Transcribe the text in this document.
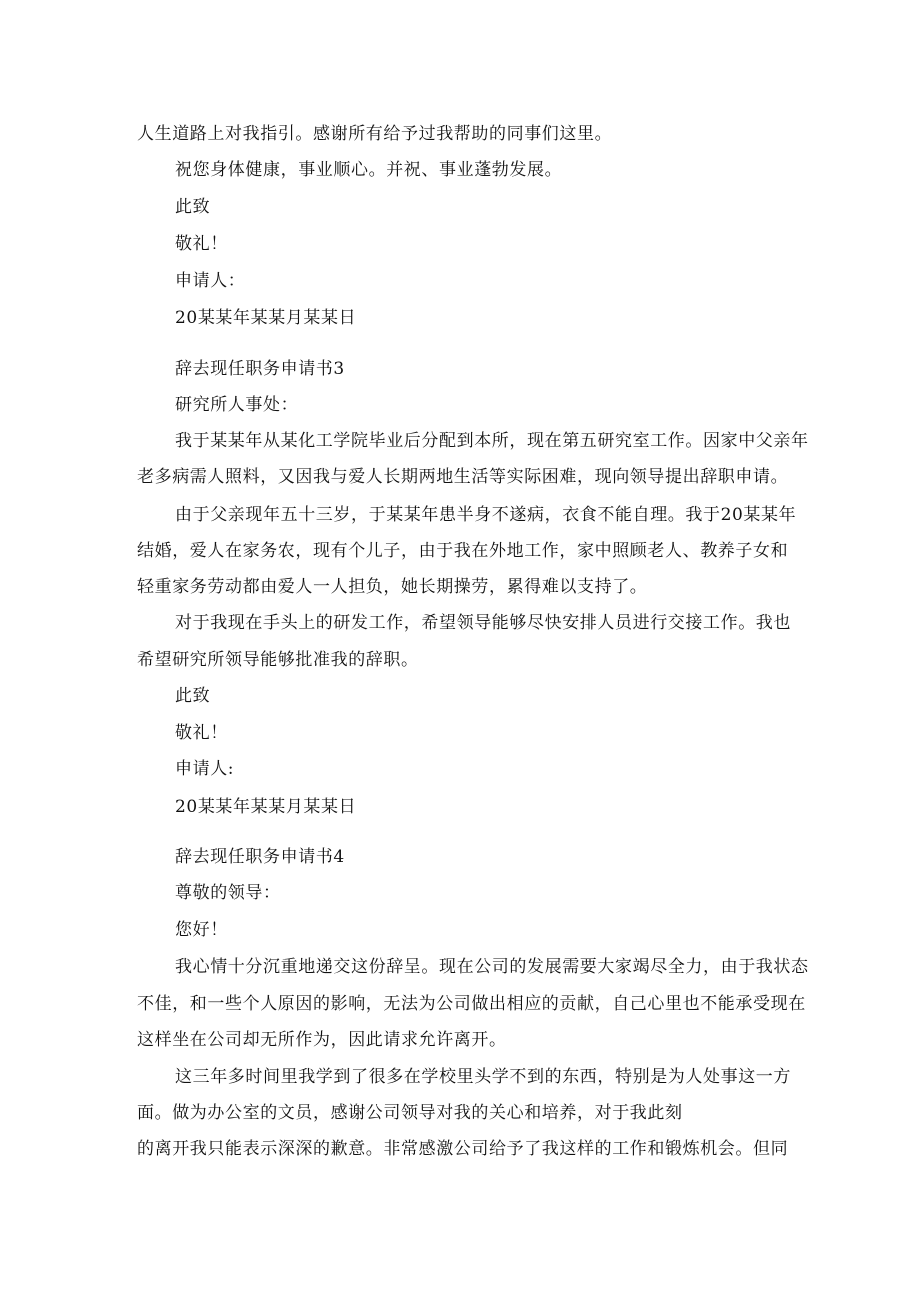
人生道路上对我指引。感谢所有给予过我帮助的同事们这里。
祝您身体健康，事业顺心。并祝、事业蓬勃发展。
此致
敬礼！
申请人：
20某某年某某月某某日
辞去现任职务申请书3
研究所人事处：
我于某某年从某化工学院毕业后分配到本所，现在第五研究室工作。因家中父亲年
老多病需人照料，又因我与爱人长期两地生活等实际困难，现向领导提出辞职申请。
由于父亲现年五十三岁，于某某年患半身不遂病，衣食不能自理。我于20某某年
结婚，爱人在家务农，现有个儿子，由于我在外地工作，家中照顾老人、教养子女和
轻重家务劳动都由爱人一人担负，她长期操劳，累得难以支持了。
对于我现在手头上的研发工作，希望领导能够尽快安排人员进行交接工作。我也
希望研究所领导能够批准我的辞职。
此致
敬礼！
申请人:
20某某年某某月某某日
辞去现任职务申请书4
尊敬的领导：
您好！
我心情十分沉重地递交这份辞呈。现在公司的发展需要大家竭尽全力，由于我状态
不佳，和一些个人原因的影响，无法为公司做出相应的贡献，自己心里也不能承受现在
这样坐在公司却无所作为，因此请求允许离开。
这三年多时间里我学到了很多在学校里头学不到的东西，特别是为人处事这一方
面。做为办公室的文员，感谢公司领导对我的关心和培养，对于我此刻
的离开我只能表示深深的歉意。非常感激公司给予了我这样的工作和锻炼机会。但同
